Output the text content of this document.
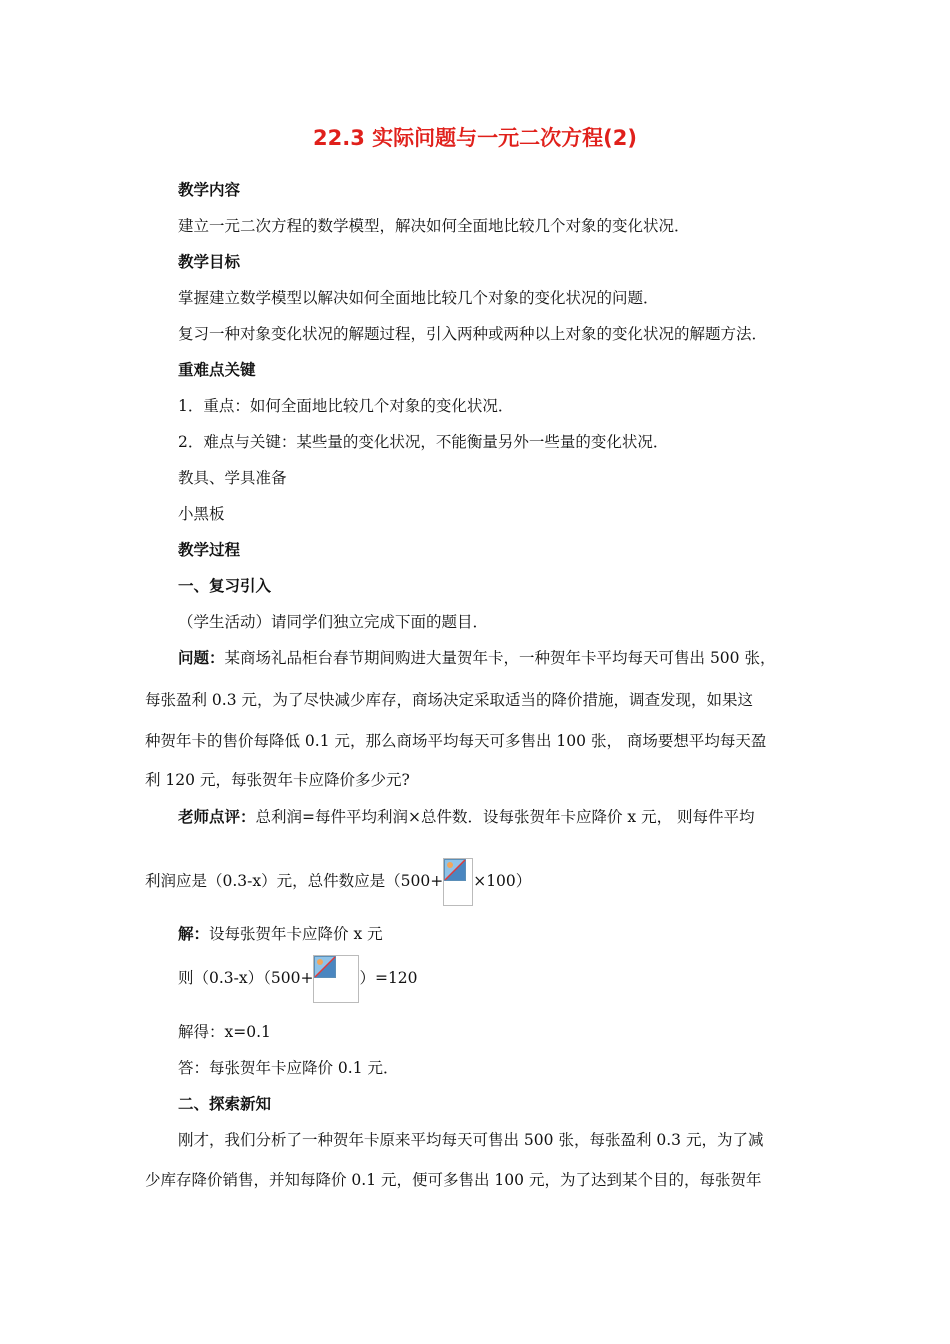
22.3 实际问题与一元二次方程(2)
教学内容
建立一元二次方程的数学模型，解决如何全面地比较几个对象的变化状况．
教学目标
掌握建立数学模型以解决如何全面地比较几个对象的变化状况的问题．
复习一种对象变化状况的解题过程，引入两种或两种以上对象的变化状况的解题方法．
重难点关键
1．重点：如何全面地比较几个对象的变化状况．
2．难点与关键：某些量的变化状况，不能衡量另外一些量的变化状况．
教具、学具准备
小黑板
教学过程
一、复习引入
（学生活动）请同学们独立完成下面的题目．
问题：某商场礼品柜台春节期间购进大量贺年卡，一种贺年卡平均每天可售出 500 张，
每张盈利 0.3 元，为了尽快减少库存，商场决定采取适当的降价措施，调查发现，如果这
种贺年卡的售价每降低 0.1 元，那么商场平均每天可多售出 100 张， 商场要想平均每天盈
利 120 元，每张贺年卡应降价多少元?
老师点评：总利润=每件平均利润×总件数．设每张贺年卡应降价 x 元， 则每件平均
利润应是（0.3-x）元，总件数应是（500+ ×100）
解：设每张贺年卡应降价 x 元
则（0.3-x）（500+	）=120
解得：x=0.1
答：每张贺年卡应降价 0.1 元．
二、探索新知
刚才，我们分析了一种贺年卡原来平均每天可售出 500 张，每张盈利 0.3 元，为了减
少库存降价销售，并知每降价 0.1 元，便可多售出 100 元，为了达到某个目的，每张贺年
